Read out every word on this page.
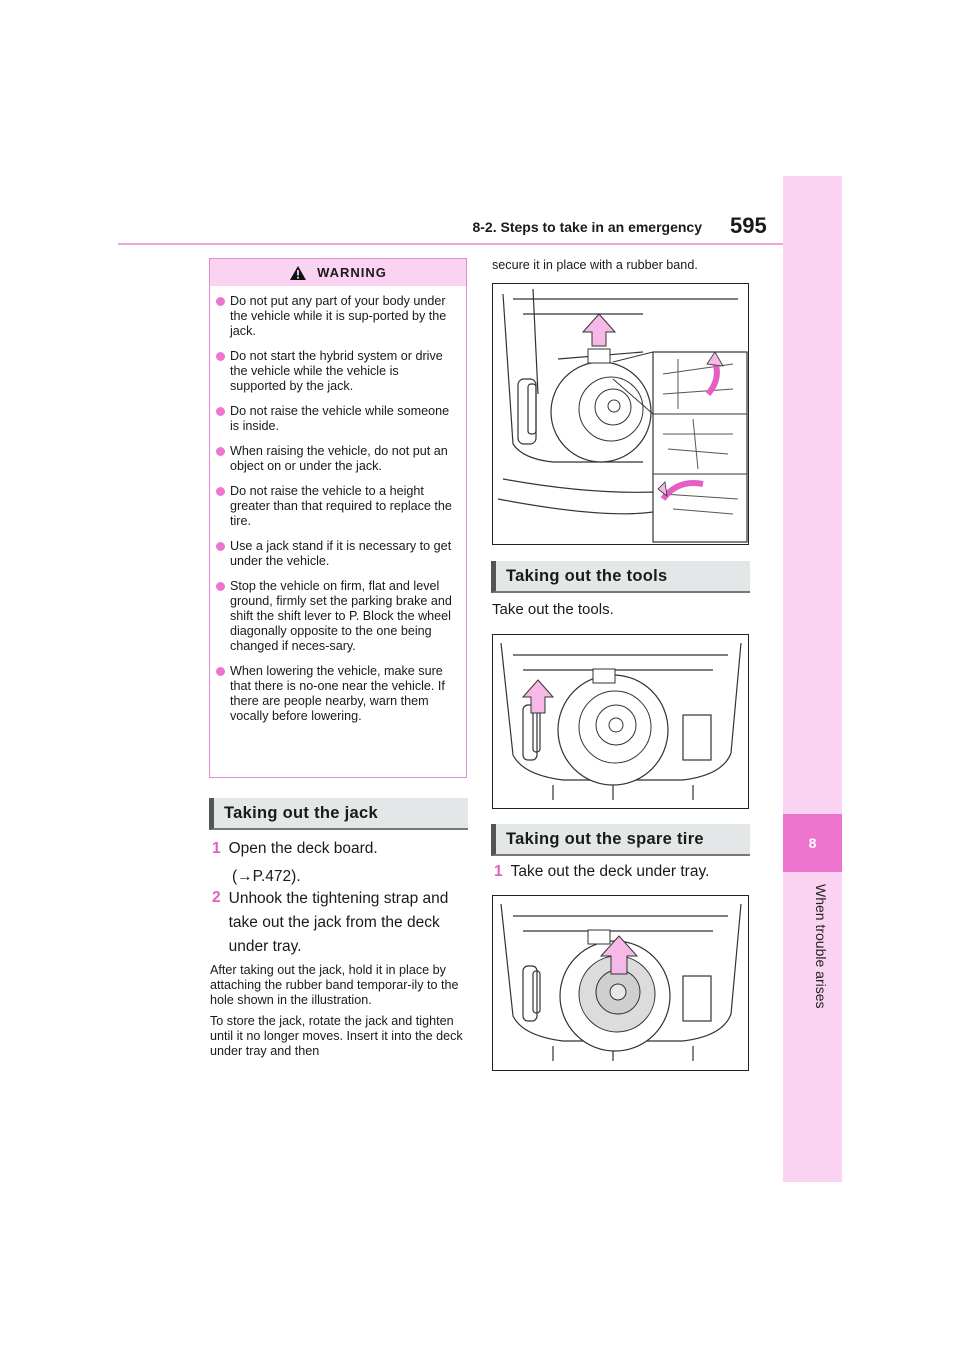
8-2. Steps to take in an emergency 595
8
When trouble arises
WARNING
Do not put any part of your body under the vehicle while it is sup-ported by the jack.
Do not start the hybrid system or drive the vehicle while the vehicle is supported by the jack.
Do not raise the vehicle while someone is inside.
When raising the vehicle, do not put an object on or under the jack.
Do not raise the vehicle to a height greater than that required to replace the tire.
Use a jack stand if it is necessary to get under the vehicle.
Stop the vehicle on firm, flat and level ground, firmly set the parking brake and shift the shift lever to P. Block the wheel diagonally opposite to the one being changed if neces-sary.
When lowering the vehicle, make sure that there is no-one near the vehicle. If there are people nearby, warn them vocally before lowering.
Taking out the jack
1 Open the deck board.
(→P.472).
2 Unhook the tightening strap and take out the jack from the deck under tray.
After taking out the jack, hold it in place by attaching the rubber band temporar-ily to the hole shown in the illustration.
To store the jack, rotate the jack and tighten until it no longer moves. Insert it into the deck under tray and then
secure it in place with a rubber band.
Taking out the tools
Take out the tools.
Taking out the spare tire
1 Take out the deck under tray.
